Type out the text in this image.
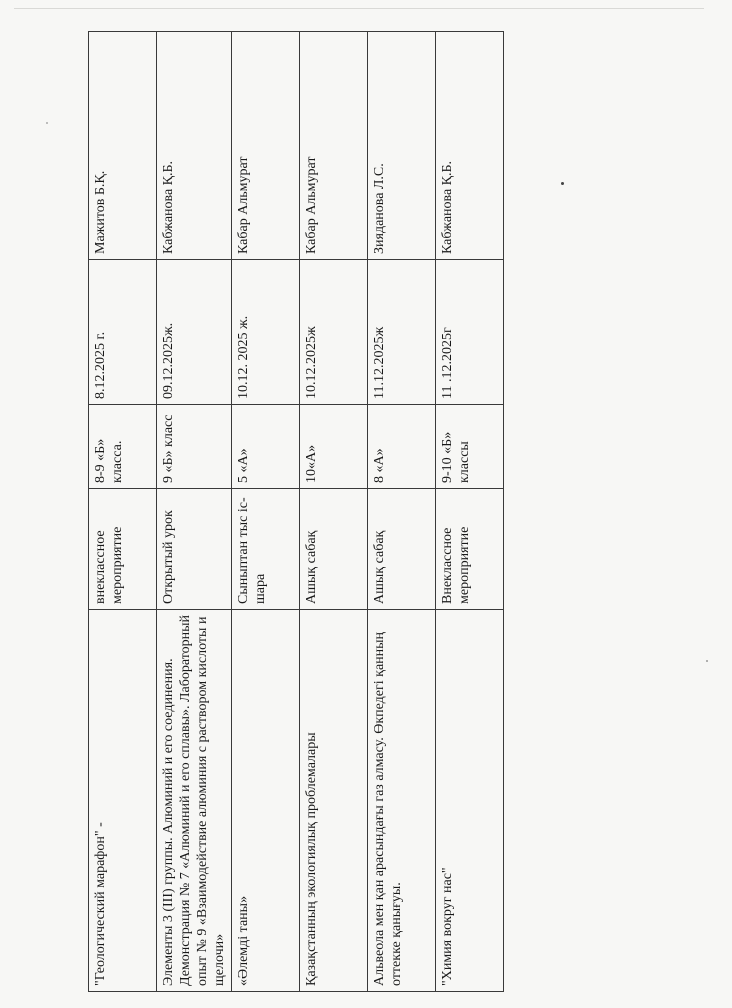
"Геологический марафон" -	внеклассное мероприятие	8-9 «Б» класса.	8.12.2025 г.	Мажитов Б.Қ.
Элементы 3 (III) группы. Алюминий и его соединения. Демонстрация № 7 «Алюминий и его сплавы». Лабораторный опыт № 9 «Взаимодействие алюминия с раствором кислоты и щелочи»	Открытый урок	9 «Б» класс	09.12.2025ж.	Кабжанова Қ.Б.
«Әлемді таны»	Сыныптан тыс іс- шара	5 «А»	10.12. 2025 ж.	Кабар Альмурат
Қазақстанның экологиялық проблемалары	Ашық сабақ	10«А»	10.12.2025ж	Кабар Альмурат
Альвеола мен қан арасындағы газ алмасу. Өкпедегі қанның оттекке қанығуы.	Ашық сабақ	8 «А»	11.12.2025ж	Зияданова Л.С.
"Химия вокруг нас"	Внеклассное мероприятие	9-10 «Б» классы	11 .12.2025г	Кабжанова Қ.Б.
